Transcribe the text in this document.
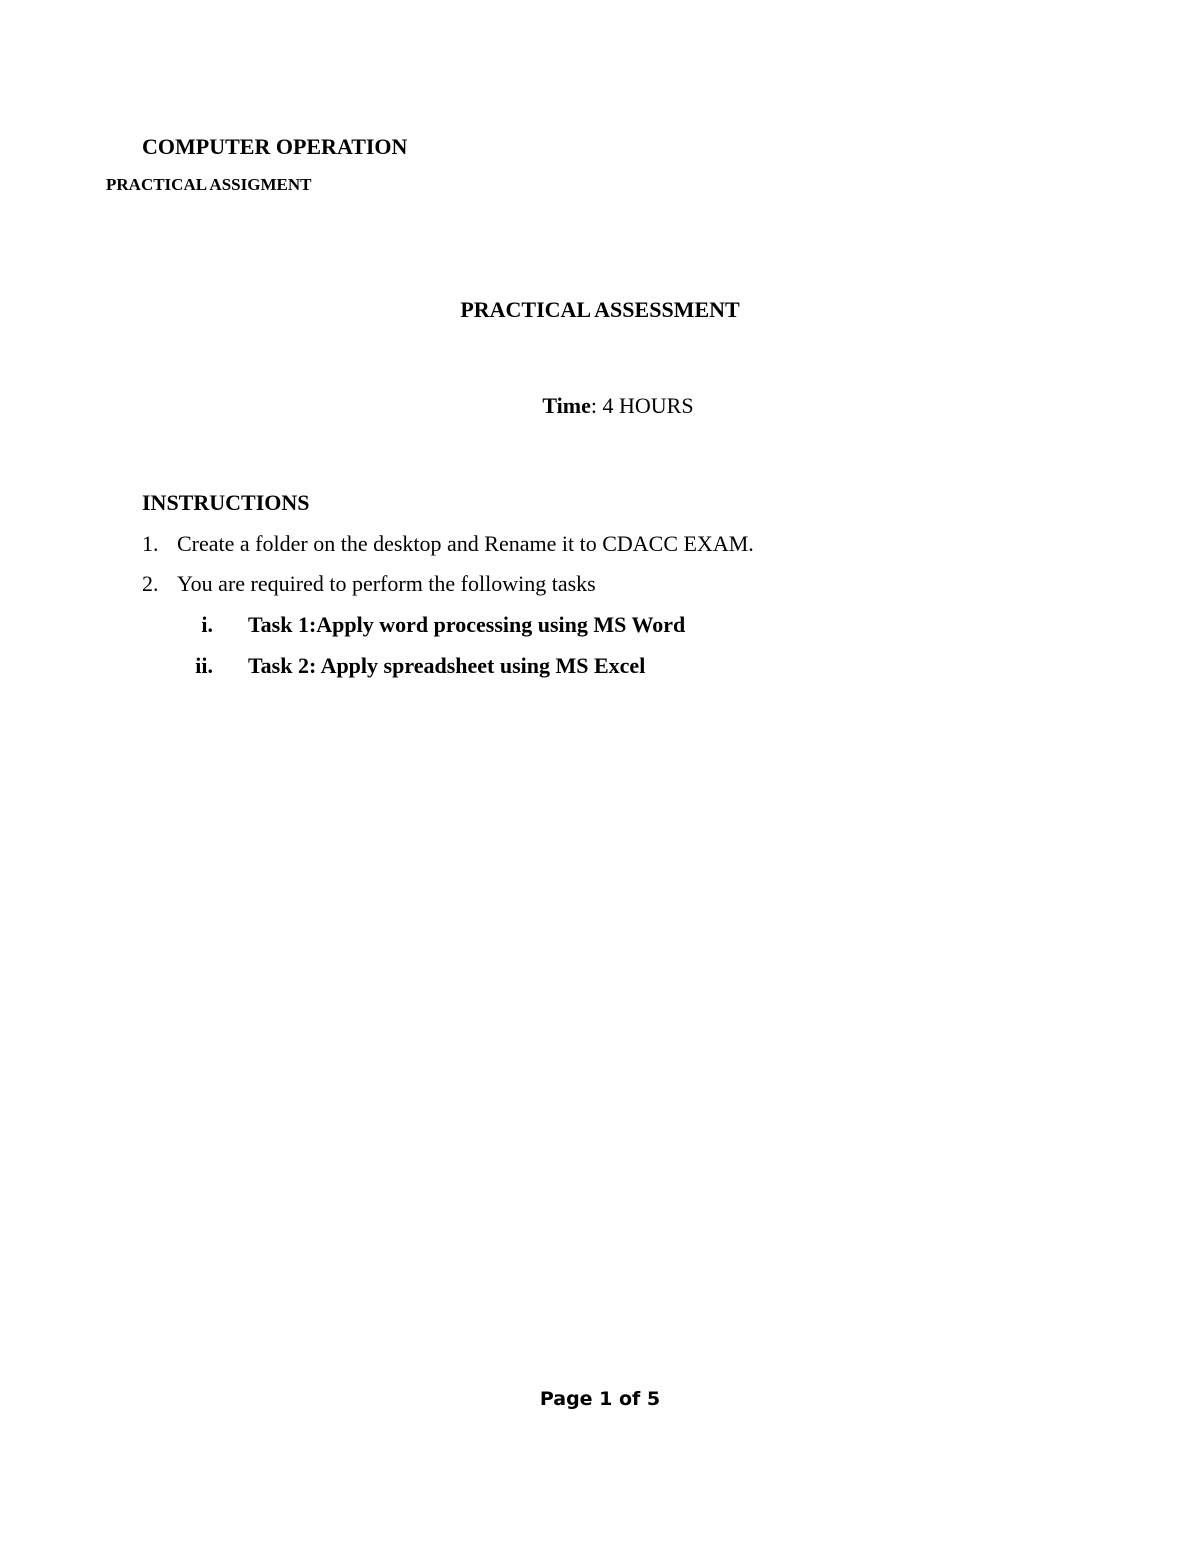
COMPUTER OPERATION
PRACTICAL ASSIGMENT
PRACTICAL ASSESSMENT
Time: 4 HOURS
INSTRUCTIONS
1. Create a folder on the desktop and Rename it to CDACC EXAM.
2. You are required to perform the following tasks
i. Task 1:Apply word processing using MS Word
ii. Task 2: Apply spreadsheet using MS Excel
Page 1 of 5
